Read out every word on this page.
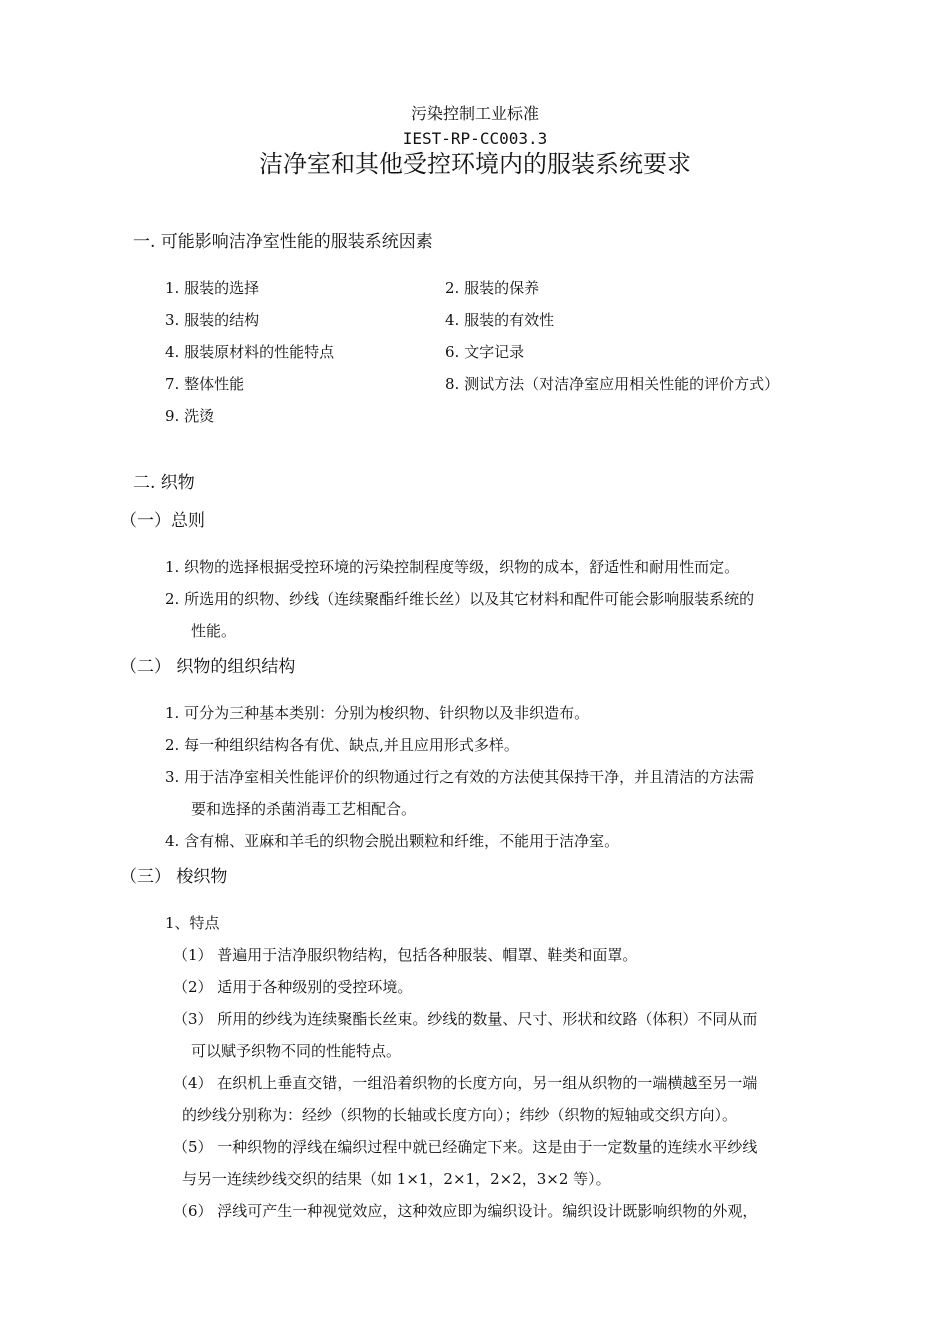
污染控制工业标准
IEST-RP-CC003.3
洁净室和其他受控环境内的服装系统要求
一. 可能影响洁净室性能的服装系统因素
1. 服装的选择
3. 服装的结构
4. 服装原材料的性能特点
7. 整体性能
9. 洗烫
2. 服装的保养
4. 服装的有效性
6. 文字记录
8. 测试方法（对洁净室应用相关性能的评价方式）
二. 织物
（一）总则
1. 织物的选择根据受控环境的污染控制程度等级，织物的成本，舒适性和耐用性而定。
2. 所选用的织物、纱线（连续聚酯纤维长丝）以及其它材料和配件可能会影响服装系统的
性能。
（二） 织物的组织结构
1. 可分为三种基本类别：分别为梭织物、针织物以及非织造布。
2. 每一种组织结构各有优、缺点,并且应用形式多样。
3. 用于洁净室相关性能评价的织物通过行之有效的方法使其保持干净，并且清洁的方法需
要和选择的杀菌消毒工艺相配合。
4. 含有棉、亚麻和羊毛的织物会脱出颗粒和纤维，不能用于洁净室。
（三） 梭织物
1、特点
（1） 普遍用于洁净服织物结构，包括各种服装、帽罩、鞋类和面罩。
（2） 适用于各种级别的受控环境。
（3） 所用的纱线为连续聚酯长丝束。纱线的数量、尺寸、形状和纹路（体积）不同从而
可以赋予织物不同的性能特点。
（4） 在织机上垂直交错，一组沿着织物的长度方向，另一组从织物的一端横越至另一端
的纱线分别称为：经纱（织物的长轴或长度方向）；纬纱（织物的短轴或交织方向）。
（5） 一种织物的浮线在编织过程中就已经确定下来。这是由于一定数量的连续水平纱线
与另一连续纱线交织的结果（如 1×1，2×1，2×2，3×2 等）。
（6） 浮线可产生一种视觉效应，这种效应即为编织设计。编织设计既影响织物的外观，
